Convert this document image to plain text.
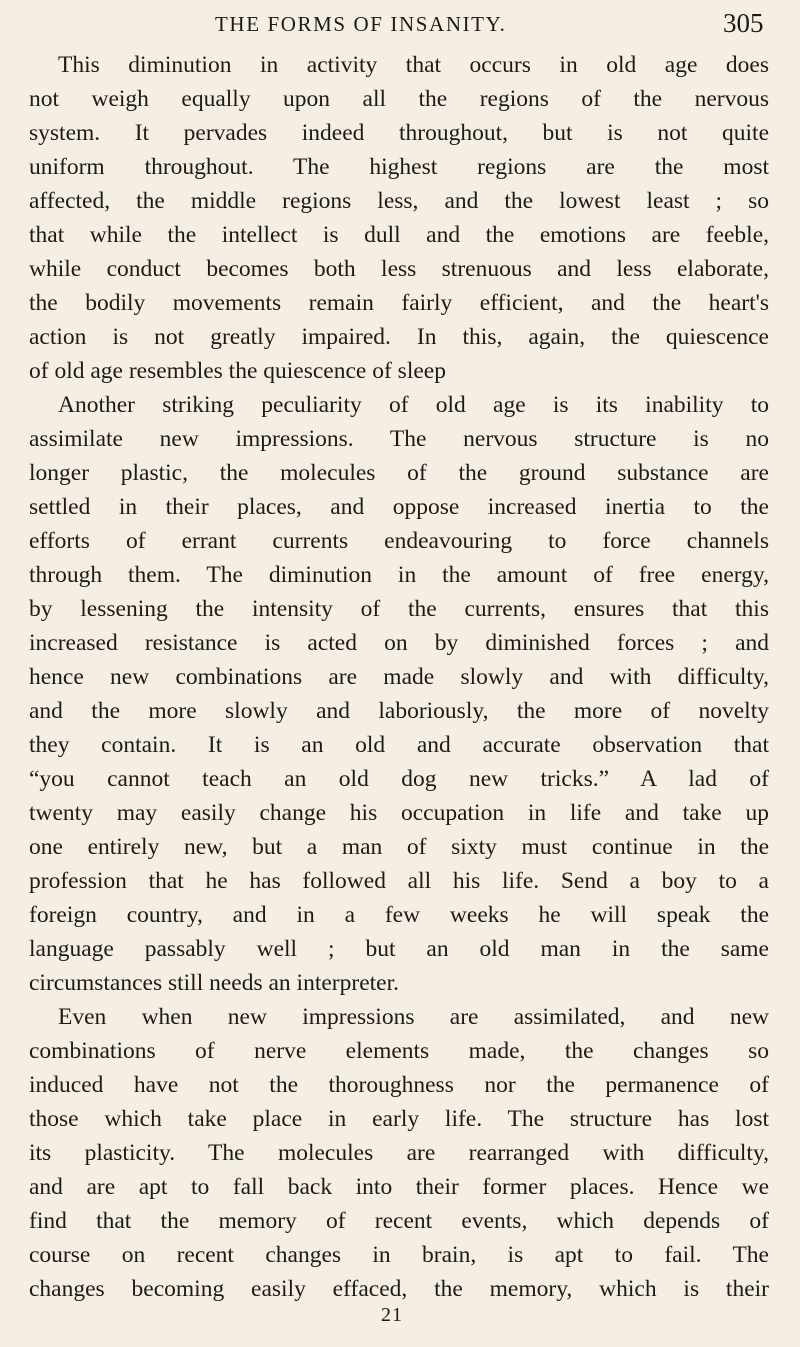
THE FORMS OF INSANITY.	305
This diminution in activity that occurs in old age does
not weigh equally upon all the regions of the nervous
system. It pervades indeed throughout, but is not quite
uniform throughout. The highest regions are the most
affected, the middle regions less, and the lowest least ; so
that while the intellect is dull and the emotions are feeble,
while conduct becomes both less strenuous and less elaborate,
the bodily movements remain fairly efficient, and the heart's
action is not greatly impaired. In this, again, the quiescence
of old age resembles the quiescence of sleep
Another striking peculiarity of old age is its inability to
assimilate new impressions. The nervous structure is no
longer plastic, the molecules of the ground substance are
settled in their places, and oppose increased inertia to the
efforts of errant currents endeavouring to force channels
through them. The diminution in the amount of free energy,
by lessening the intensity of the currents, ensures that this
increased resistance is acted on by diminished forces ; and
hence new combinations are made slowly and with difficulty,
and the more slowly and laboriously, the more of novelty
they contain. It is an old and accurate observation that
“you cannot teach an old dog new tricks.” A lad of
twenty may easily change his occupation in life and take up
one entirely new, but a man of sixty must continue in the
profession that he has followed all his life. Send a boy to a
foreign country, and in a few weeks he will speak the
language passably well ; but an old man in the same
circumstances still needs an interpreter.
Even when new impressions are assimilated, and new
combinations of nerve elements made, the changes so
induced have not the thoroughness nor the permanence of
those which take place in early life. The structure has lost
its plasticity. The molecules are rearranged with difficulty,
and are apt to fall back into their former places. Hence we
find that the memory of recent events, which depends of
course on recent changes in brain, is apt to fail. The
changes becoming easily effaced, the memory, which is their
21
